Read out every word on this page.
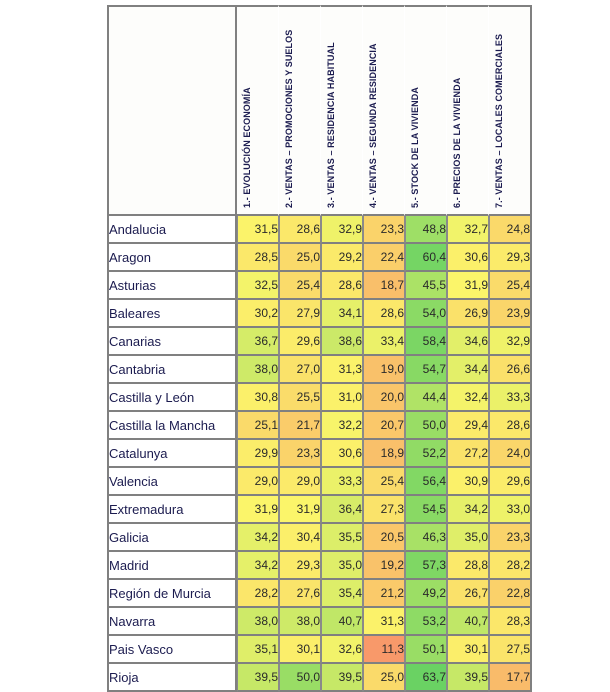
	1.- EVOLUCIÓN ECONOMÍA	2.- VENTAS – PROMOCIONES Y SUELOS	3.- VENTAS – RESIDENCIA HABITUAL	4.- VENTAS – SEGUNDA RESIDENCIA	5.- STOCK DE LA VIVIENDA	6.- PRECIOS DE LA VIVIENDA	7.- VENTAS – LOCALES COMERCIALES

Andalucia	31,5	28,6	32,9	23,3	48,8	32,7	24,8
Aragon	28,5	25,0	29,2	22,4	60,4	30,6	29,3
Asturias	32,5	25,4	28,6	18,7	45,5	31,9	25,4
Baleares	30,2	27,9	34,1	28,6	54,0	26,9	23,9
Canarias	36,7	29,6	38,6	33,4	58,4	34,6	32,9
Cantabria	38,0	27,0	31,3	19,0	54,7	34,4	26,6
Castilla y León	30,8	25,5	31,0	20,0	44,4	32,4	33,3
Castilla la Mancha	25,1	21,7	32,2	20,7	50,0	29,4	28,6
Catalunya	29,9	23,3	30,6	18,9	52,2	27,2	24,0
Valencia	29,0	29,0	33,3	25,4	56,4	30,9	29,6
Extremadura	31,9	31,9	36,4	27,3	54,5	34,2	33,0
Galicia	34,2	30,4	35,5	20,5	46,3	35,0	23,3
Madrid	34,2	29,3	35,0	19,2	57,3	28,8	28,2
Región de Murcia	28,2	27,6	35,4	21,2	49,2	26,7	22,8
Navarra	38,0	38,0	40,7	31,3	53,2	40,7	28,3
Pais Vasco	35,1	30,1	32,6	11,3	50,1	30,1	27,5
Rioja	39,5	50,0	39,5	25,0	63,7	39,5	17,7
